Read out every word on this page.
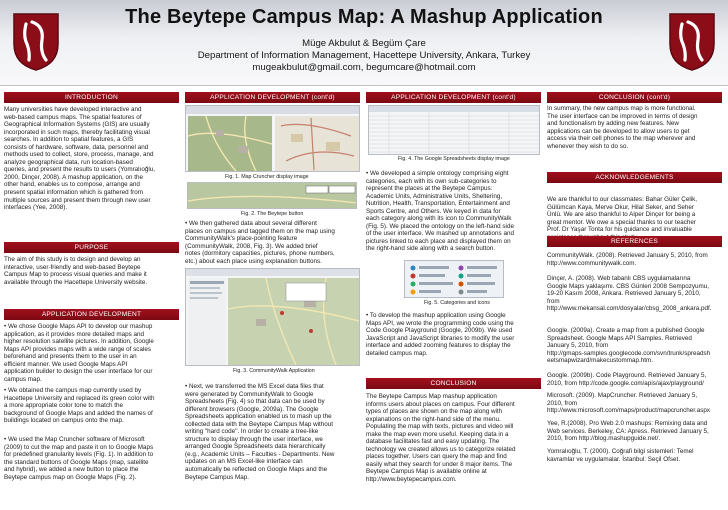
The Beytepe Campus Map: A Mashup Application
Müge Akbulut & Begüm Çare
Department of Information Management, Hacettepe University, Ankara, Turkey
mugeakbulut@gmail.com, begumcare@hotmail.com
INTRODUCTION
Many universities have developed interactive and
web-based campus maps. The spatial features of
Geographical Information Systems (GIS) are usually
incorporated in such maps, thereby facilitating visual
searches. In addition to spatial features, a GIS
consists of hardware, software, data, personnel and
methods used to collect, store, process, manage, and
analyze geographical data, run location-based
queries, and present the results to users (Yomralıoğlu,
2000, Dinçer, 2008). A mashup application, on the
other hand, enables us to compose, arrange and
present spatial information which is gathered from
multiple sources and present them through new user
interfaces (Yee, 2008).
PURPOSE
The aim of this study is to design and develop an
interactive, user-friendly and web-based Beytepe
Campus Map to process visual queries and make it
available through the Hacettepe University website.
APPLICATION DEVELOPMENT
• We chose Google Maps API to develop our mashup
application, as it provides more detailed maps and
higher resolution satellite pictures. In addition, Google
Maps API provides maps with a wide range of scales
beforehand and presents them to the user in an
efficient manner. We used Google Maps API
application builder to design the user interface for our
campus map.
• We obtained the campus map currently used by
Hacettepe University and replaced its green color with
a more appropriate color tone to match the
background of Google Maps and added the names of
buildings located on campus onto the map.
• We used the Map Cruncher software of Microsoft
(2009) to cut the map and paste it on to Google Maps
for predefined granularity levels (Fig. 1). In addition to
the standard buttons of Google Maps (map, satellite
and hybrid), we added a new button to place the
Beytepe campus map on Google Maps (Fig. 2).
APPLICATION DEVELOPMENT (cont'd)
Fig. 1. Map Cruncher display image
Fig. 2. The Beytepe button
• We then gathered data about several different
places on campus and tagged them on the map using
CommunityWalk's place-pointing feature
(CommunityWalk, 2008, Fig. 3). We added brief
notes (dormitory capacities, pictures, phone numbers,
etc.) about each place using explanation buttons.
Fig. 3. CommunityWalk Application
• Next, we transferred the MS Excel data files that
were generated by CommunityWalk to Google
Spreadsheets (Fig. 4) so that data can be used by
different browsers (Google, 2009a). The Google
Spreadsheets application enabled us to mash up the
collected data with the Beytepe Campus Map without
writing "hard code". In order to create a tree-like
structure to display through the user interface, we
arranged Google Spreadsheets data hierarchically
(e.g., Academic Units – Faculties - Departments. New
updates on an MS Excel-like interface can
automatically be reflected on Google Maps and the
Beytepe Campus Map.
APPLICATION DEVELOPMENT (cont'd)
Fig. 4. The Google Spreadsheets display image
• We developed a simple ontology comprising eight
categories, each with its own sub-categories to
represent the places at the Beytepe Campus:
Academic Units, Administrative Units, Sheltering,
Nutrition, Health, Transportation, Entertainment and
Sports Centre, and Others. We keyed in data for
each category along with its icon to CommunityWalk
(Fig. 5). We placed the ontology on the left-hand side
of the user interface. We mashed up annotations and
pictures linked to each place and displayed them on
the right-hand side along with a search button.
Fig. 5. Categories and icons
• To develop the mashup application using Google
Maps API, we wrote the programming code using the
Code Google Playground (Google, 2009b). We used
JavaScript and JavaScript libraries to modify the user
interface and added zooming features to display the
detailed campus map.
CONCLUSION
The Beytepe Campus Map mashup application
informs users about places on campus. Four different
types of places are shown on the map along with
explanations on the right-hand side of the menu.
Populating the map with texts, pictures and video will
make the map even more useful. Keeping data in a
database facilitates fast and easy updating. The
technology we created allows us to categorize related
places together. Users can query the map and find
easily what they search for under 8 major items. The
Beytepe Campus Map is available online at
http://www.beytepecampus.com.
CONCLUSION (cont'd)
In summary, the new campus map is more functional.
The user interface can be improved in terms of design
and functionalism by adding new features. New
applications can be developed to allow users to get
access via their cell phones to the map wherever and
whenever they wish to do so.
ACKNOWLEDGEMENTS
We are thankful to our classmates: Bahar Güler Çelik,
Gülümcan Kaya, Merve Okur, Hilal Seker, and Seher
Ünlü. We are also thankful to Alper Dinçer for being a
great mentor. We owe a special thanks to our teacher
Prof. Dr Yaşar Tonta for his guidance and invaluable

REFERENCES
CommunityWalk. (2008). Retrieved January 5, 2010, from
http://www.communitywalk.com.
Dinçer, A. (2008). Web tabanlı CBS uygulamalarına
Google Maps yaklaşımı. CBS Günleri 2008 Sempozyumu,
19-20 Kasım 2008, Ankara. Retrieved January 5, 2010,
from
http://www.mekansal.com/dosyalar/cbsg_2008_ankara.pdf.
Google. (2009a). Create a map from a published Google
Spreadsheet. Google Maps API Samples. Retrieved
January 5, 2010, from
http://gmaps-samples.googlecode.com/svn/trunk/spreadsh
eetsmapwizard/makecustommap.htm.
Google. (2009b). Code Playground. Retrieved January 5,
2010, from http://code.google.com/apis/ajax/playground/
Microsoft. (2009). MapCruncher. Retrieved January 5,
2010, from
http://www.microsoft.com/maps/product/mapcruncher.aspx
Yee, R.(2008). Pro Web 2.0 mashups: Remixing data and
Web services. Berkeley, CA: Apress. Retrieved January 5,
2010, from http://blog.mashupguide.net/.
Yomralıoğlu, T. (2000). Coğrafi bilgi sistemleri: Temel
kavramlar ve uygulamalar. İstanbul: Seçil Ofset.
